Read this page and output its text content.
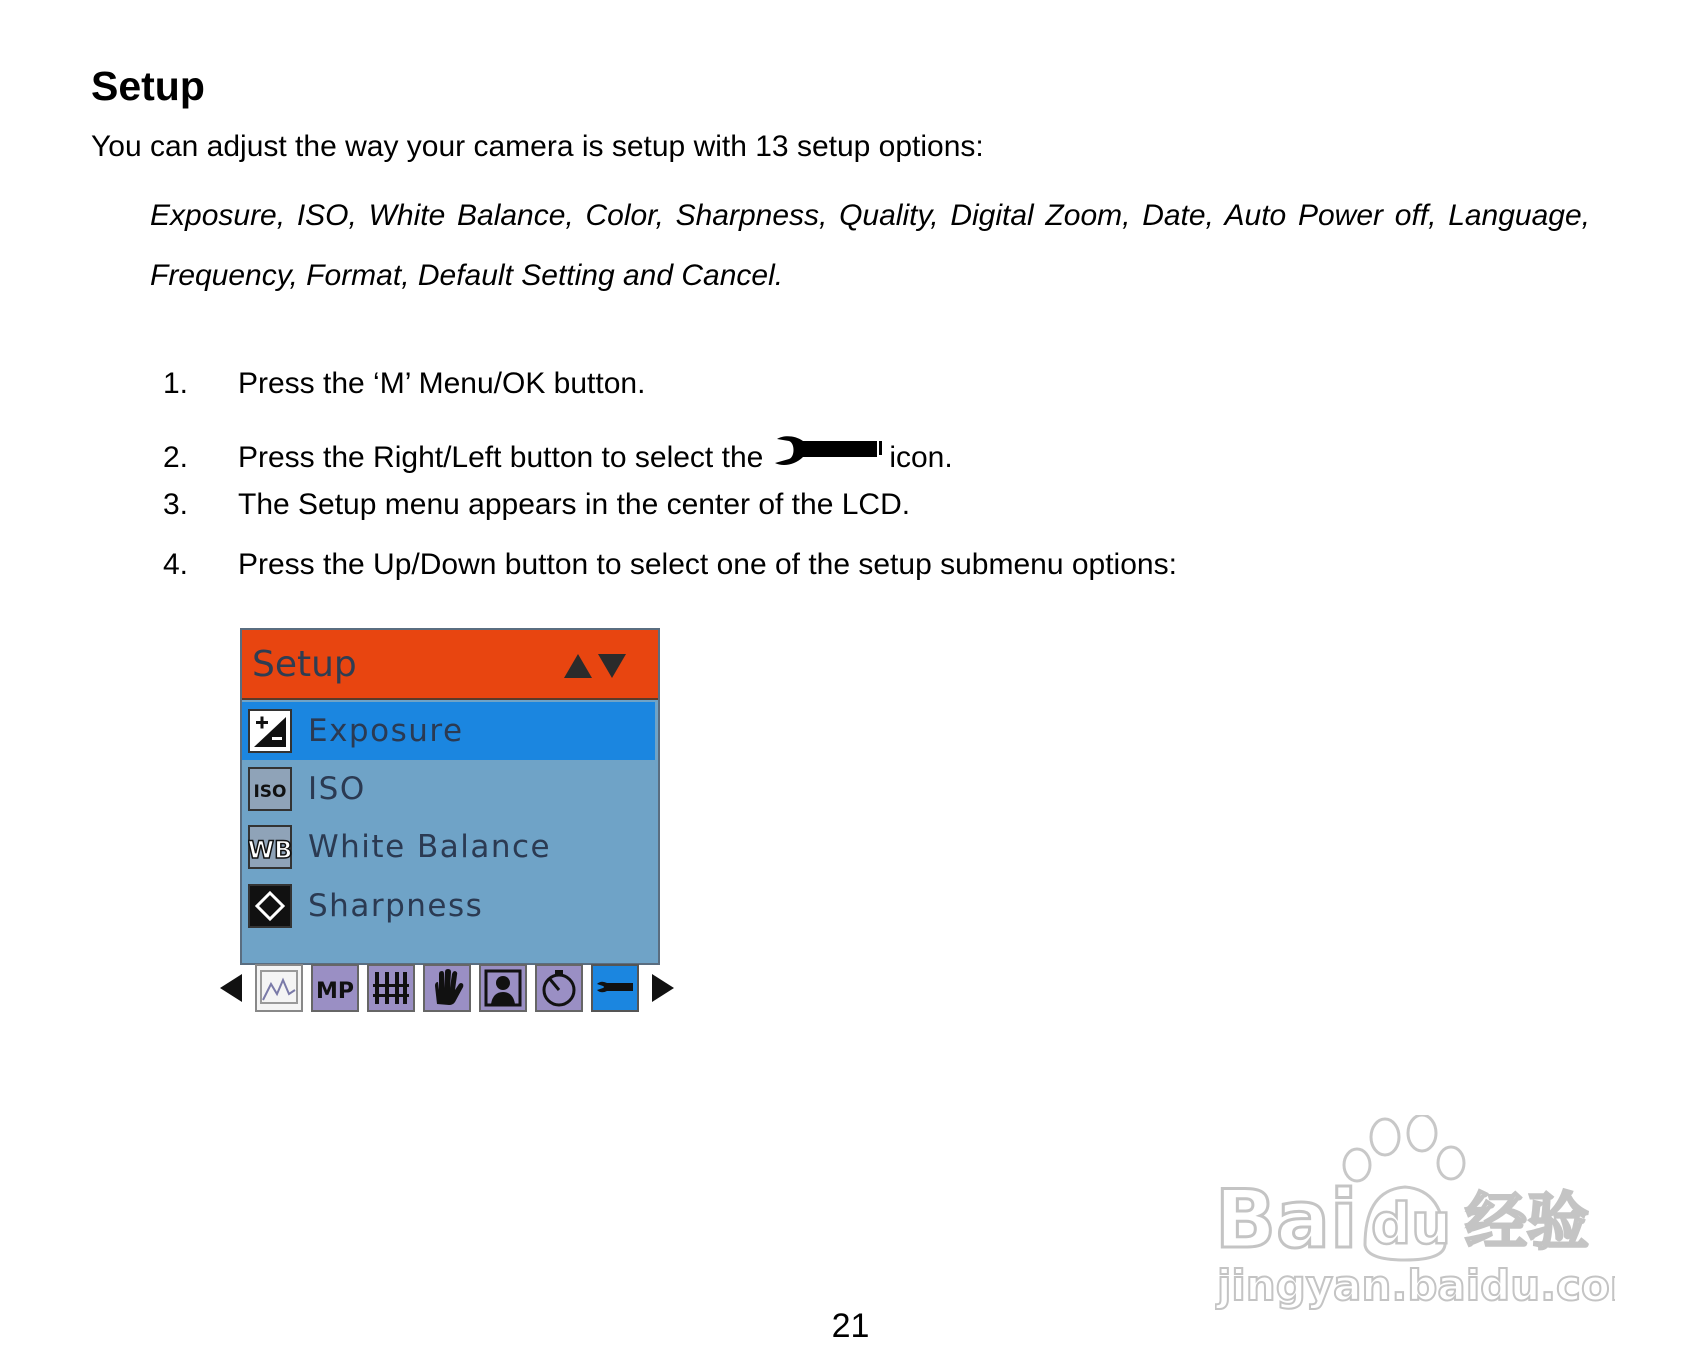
Setup

You can adjust the way your camera is setup with 13 setup options:

Exposure, ISO, White Balance, Color, Sharpness, Quality, Digital Zoom, Date, Auto Power off, Language, Frequency, Format, Default Setting and Cancel.

1. Press the ‘M’ Menu/OK button.
2. Press the Right/Left button to select the	icon.
3. The Setup menu appears in the center of the LCD.
4. Press the Up/Down button to select one of the setup submenu options:
Setup
Exposure
ISO ISO
WB White Balance
Sharpness
MP
21
Bai du 经验
jingyan.baidu.com
